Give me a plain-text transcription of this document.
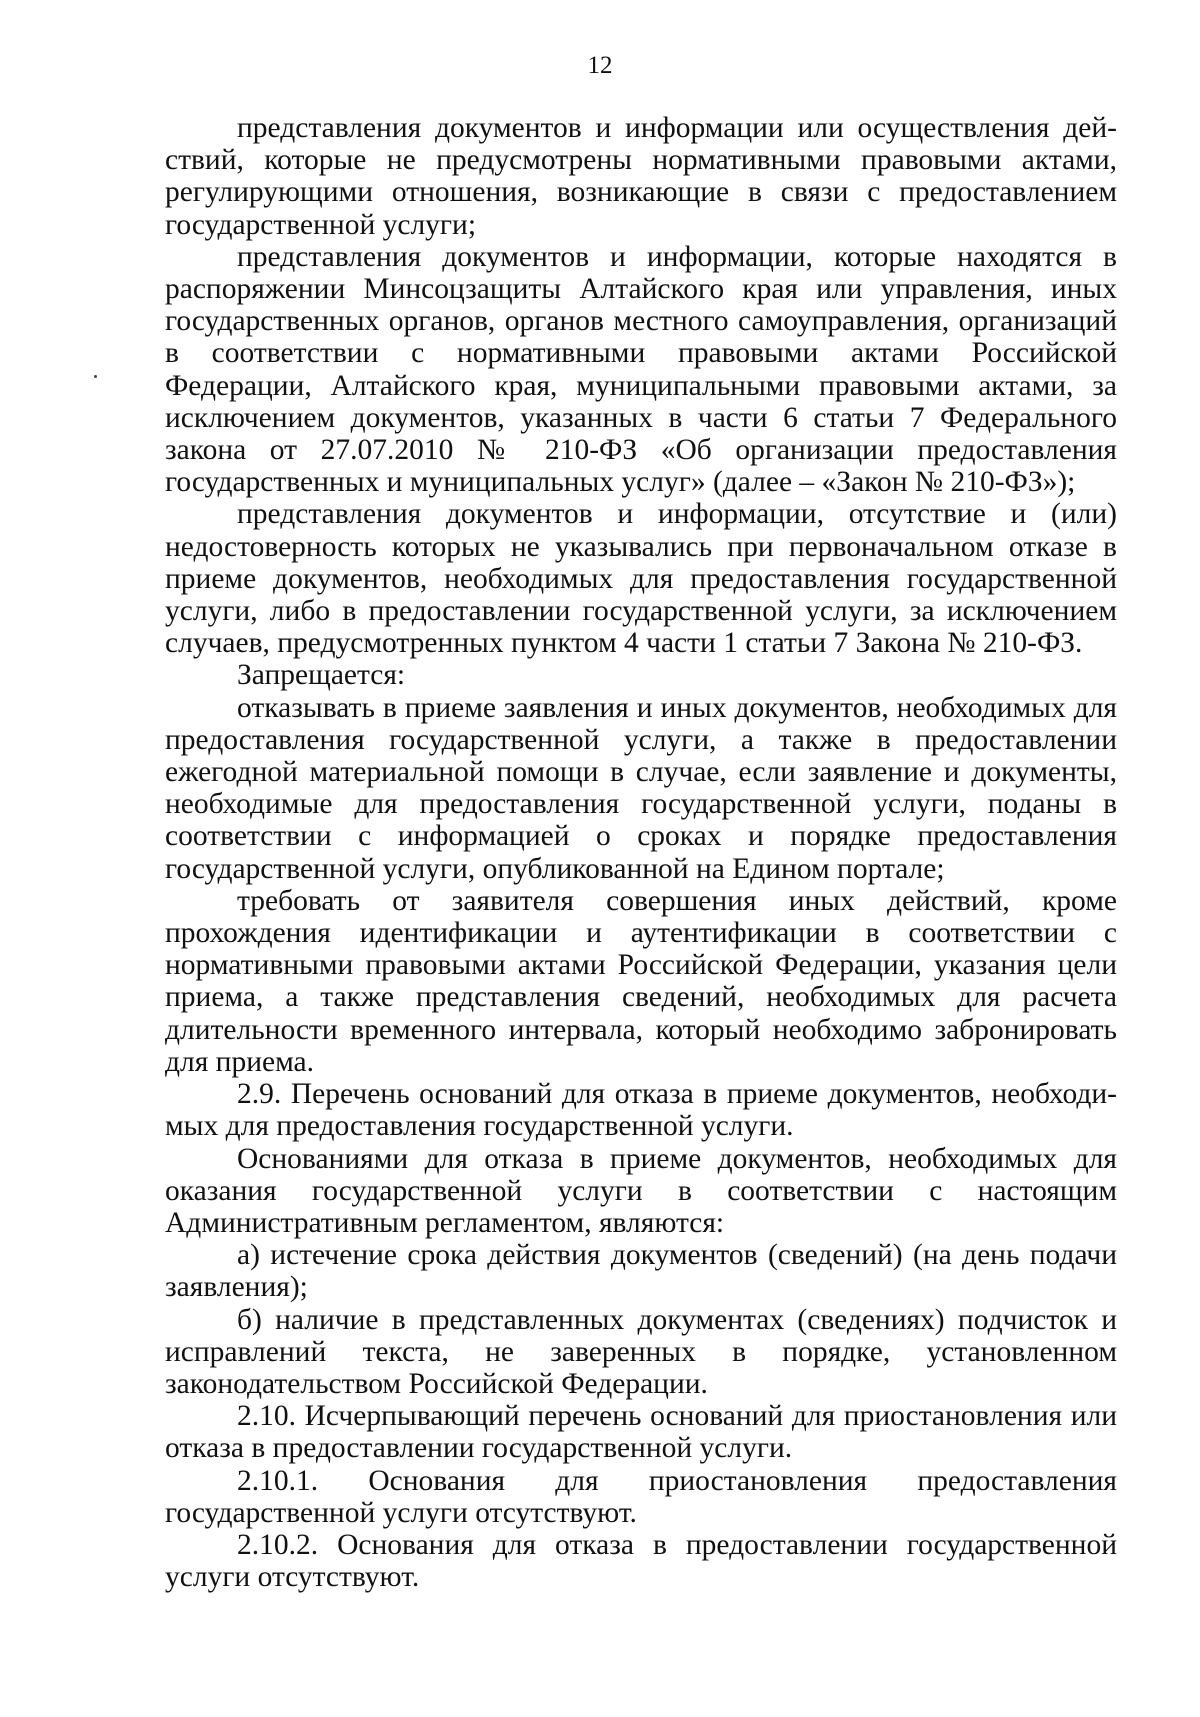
12

представления документов и информации или осуществления действий, которые не предусмотрены нормативными правовыми актами, регулирующими отношения, возникающие в связи с предоставлением государственной услуги;

представления документов и информации, которые находятся в распоряжении Минсоцзащиты Алтайского края или управления, иных государственных органов, органов местного самоуправления, организаций в соответствии с нормативными правовыми актами Российской Федерации, Алтайского края, муниципальными правовыми актами, за исключением документов, указанных в части 6 статьи 7 Федерального закона от 27.07.2010 № 210-ФЗ «Об организации предоставления государственных и муниципальных услуг» (далее – «Закон № 210-ФЗ»);

представления документов и информации, отсутствие и (или) недостоверность которых не указывались при первоначальном отказе в приеме документов, необходимых для предоставления государственной услуги, либо в предоставлении государственной услуги, за исключением случаев, предусмотренных пунктом 4 части 1 статьи 7 Закона № 210-ФЗ.

Запрещается:

отказывать в приеме заявления и иных документов, необходимых для предоставления государственной услуги, а также в предоставлении ежегодной материальной помощи в случае, если заявление и документы, необходимые для предоставления государственной услуги, поданы в соответствии с информацией о сроках и порядке предоставления государственной услуги, опубликованной на Едином портале;

требовать от заявителя совершения иных действий, кроме прохождения идентификации и аутентификации в соответствии с нормативными правовыми актами Российской Федерации, указания цели приема, а также представления сведений, необходимых для расчета длительности временного интервала, который необходимо забронировать для приема.

2.9. Перечень оснований для отказа в приеме документов, необходимых для предоставления государственной услуги.

Основаниями для отказа в приеме документов, необходимых для оказания государственной услуги в соответствии с настоящим Административным регламентом, являются:

а) истечение срока действия документов (сведений) (на день подачи заявления);

б) наличие в представленных документах (сведениях) подчисток и исправлений текста, не заверенных в порядке, установленном законодательством Российской Федерации.

2.10. Исчерпывающий перечень оснований для приостановления или отказа в предоставлении государственной услуги.

2.10.1. Основания для приостановления предоставления государственной услуги отсутствуют.

2.10.2. Основания для отказа в предоставлении государственной услуги отсутствуют.
